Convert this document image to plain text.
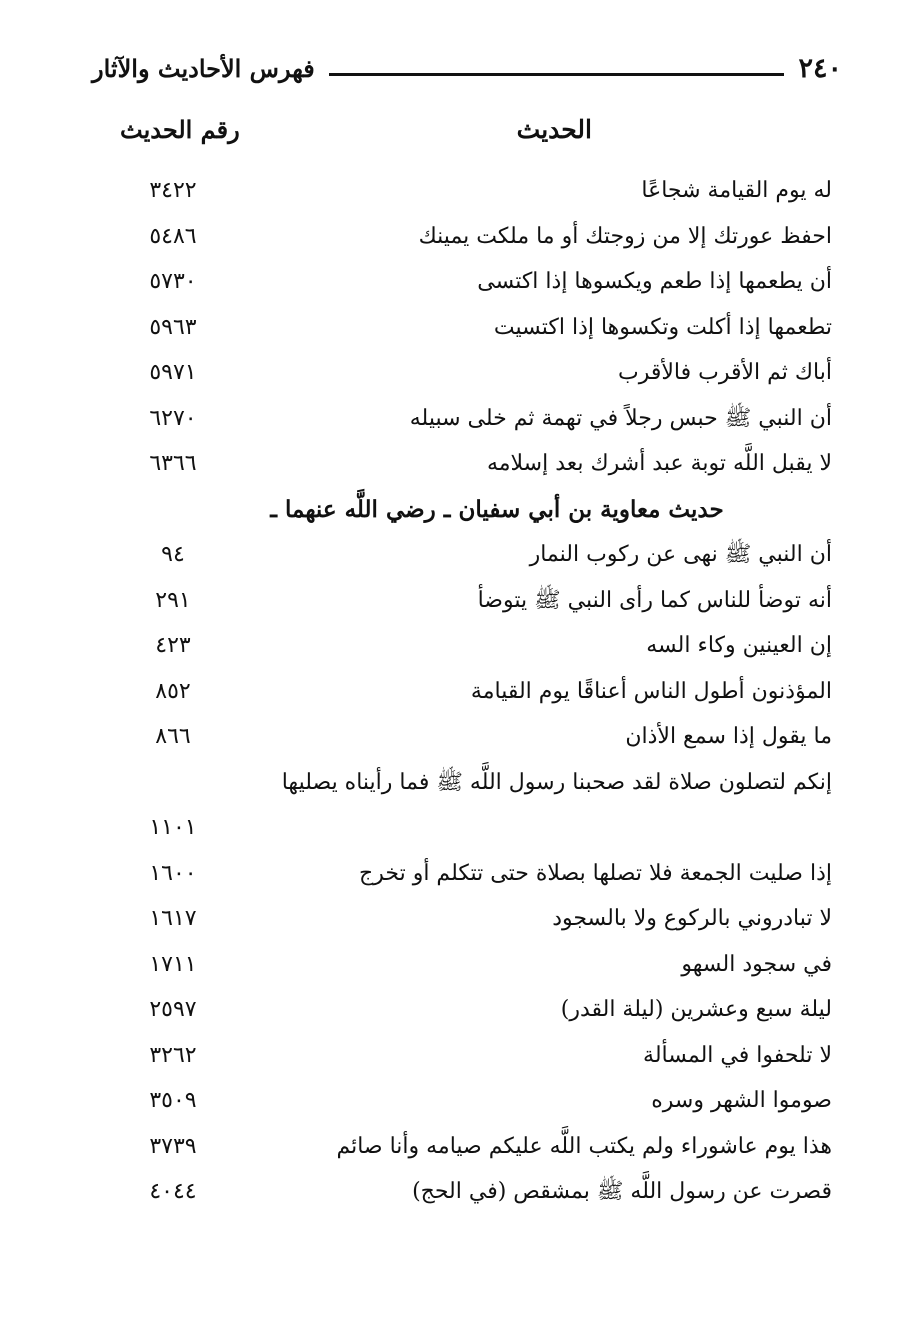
٢٤٠
فهرس الأحاديث والآثار
الحديث
رقم الحديث
له يوم القيامة شجاعًا
٣٤٢٢
احفظ عورتك إلا من زوجتك أو ما ملكت يمينك
٥٤٨٦
أن يطعمها إذا طعم ويكسوها إذا اكتسى
٥٧٣٠
تطعمها إذا أكلت وتكسوها إذا اكتسيت
٥٩٦٣
أباك ثم الأقرب فالأقرب
٥٩٧١
أن النبي ﷺ حبس رجلاً في تهمة ثم خلى سبيله
٦٢٧٠
لا يقبل اللَّه توبة عبد أشرك بعد إسلامه
٦٣٦٦
حديث معاوية بن أبي سفيان ـ رضي اللَّه عنهما ـ
أن النبي ﷺ نهى عن ركوب النمار
٩٤
أنه توضأ للناس كما رأى النبي ﷺ يتوضأ
٢٩١
إن العينين وكاء السه
٤٢٣
المؤذنون أطول الناس أعناقًا يوم القيامة
٨٥٢
ما يقول إذا سمع الأذان
٨٦٦
إنكم لتصلون صلاة لقد صحبنا رسول اللَّه ﷺ فما رأيناه يصليها
١١٠١
إذا صليت الجمعة فلا تصلها بصلاة حتى تتكلم أو تخرج
١٦٠٠
لا تبادروني بالركوع ولا بالسجود
١٦١٧
في سجود السهو
١٧١١
ليلة سبع وعشرين (ليلة القدر)
٢٥٩٧
لا تلحفوا في المسألة
٣٢٦٢
صوموا الشهر وسره
٣٥٠٩
هذا يوم عاشوراء ولم يكتب اللَّه عليكم صيامه وأنا صائم
٣٧٣٩
قصرت عن رسول اللَّه ﷺ بمشقص (في الحج)
٤٠٤٤
